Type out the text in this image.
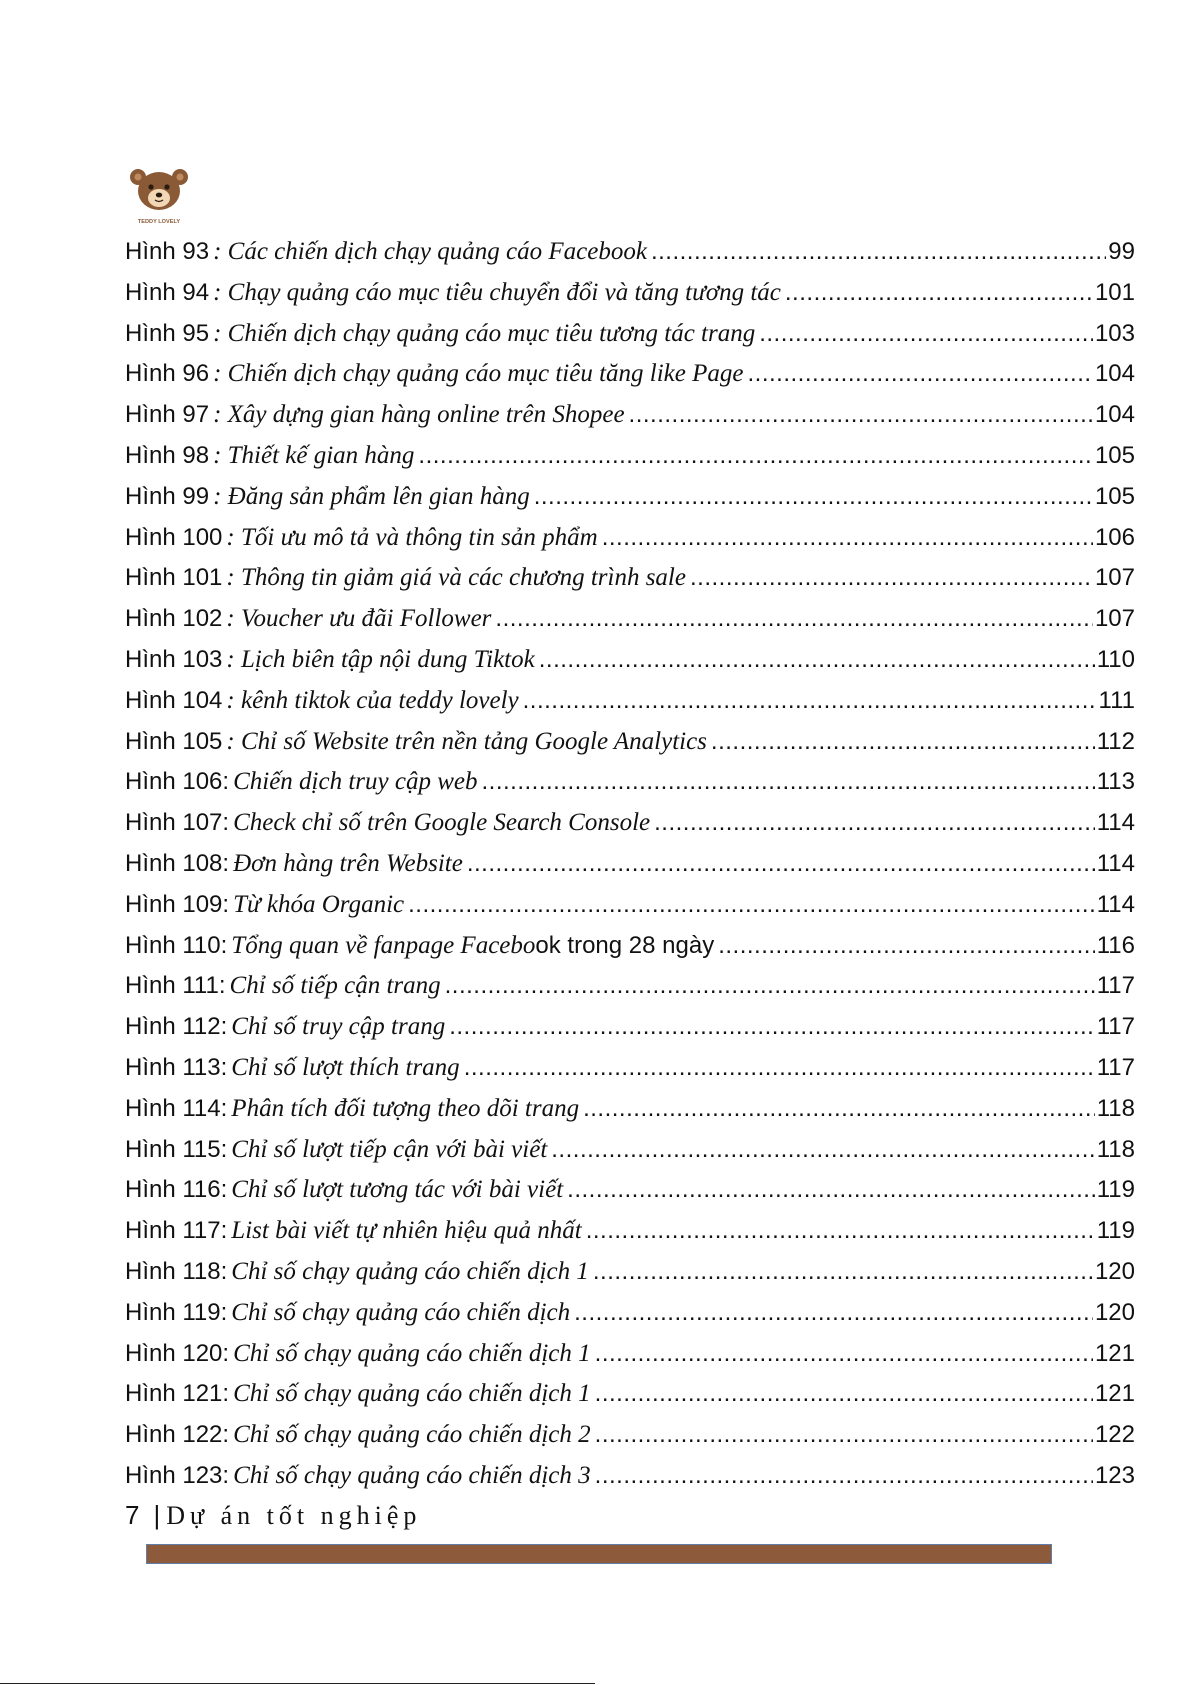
TEDDY LOVELY
Hình 93 : Các chiến dịch chạy quảng cáo Facebook .....	99
Hình 94 : Chạy quảng cáo mục tiêu chuyển đổi và tăng tương tác .....	101
Hình 95 : Chiến dịch chạy quảng cáo mục tiêu tương tác trang .....	103
Hình 96 : Chiến dịch chạy quảng cáo mục tiêu tăng like Page .....	104
Hình 97 : Xây dựng gian hàng online trên Shopee .....	104
Hình 98 : Thiết kế gian hàng .....	105
Hình 99 : Đăng sản phẩm lên gian hàng .....	105
Hình 100 : Tối ưu mô tả và thông tin sản phẩm .....	106
Hình 101 : Thông tin giảm giá và các chương trình sale .....	107
Hình 102 : Voucher ưu đãi Follower .....	107
Hình 103 : Lịch biên tập nội dung Tiktok .....	110
Hình 104 : kênh tiktok của teddy lovely .....	111
Hình 105 : Chỉ số Website trên nền tảng Google Analytics .....	112
Hình 106: Chiến dịch truy cập web .....	113
Hình 107: Check chỉ số trên Google Search Console .....	114
Hình 108: Đơn hàng trên Website .....	114
Hình 109: Từ khóa Organic .....	114
Hình 110: Tổng quan về fanpage Facebo ok trong 28 ngày .....	116
Hình 111: Chỉ số tiếp cận trang .....	117
Hình 112: Chỉ số truy cập trang .....	117
Hình 113: Chỉ số lượt thích trang .....	117
Hình 114: Phân tích đối tượng theo dõi trang .....	118
Hình 115: Chỉ số lượt tiếp cận với bài viết .....	118
Hình 116: Chỉ số lượt tương tác với bài viết .....	119
Hình 117: List bài viết tự nhiên hiệu quả nhất .....	119
Hình 118: Chỉ số chạy quảng cáo chiến dịch 1 .....	120
Hình 119: Chỉ số chạy quảng cáo chiến dịch .....	120
Hình 120: Chỉ số chạy quảng cáo chiến dịch 1 .....	121
Hình 121: Chỉ số chạy quảng cáo chiến dịch 1 .....	121
Hình 122: Chỉ số chạy quảng cáo chiến dịch 2 .....	122
Hình 123: Chỉ số chạy quảng cáo chiến dịch 3 .....	123
7 | Dự án tốt nghiệp
